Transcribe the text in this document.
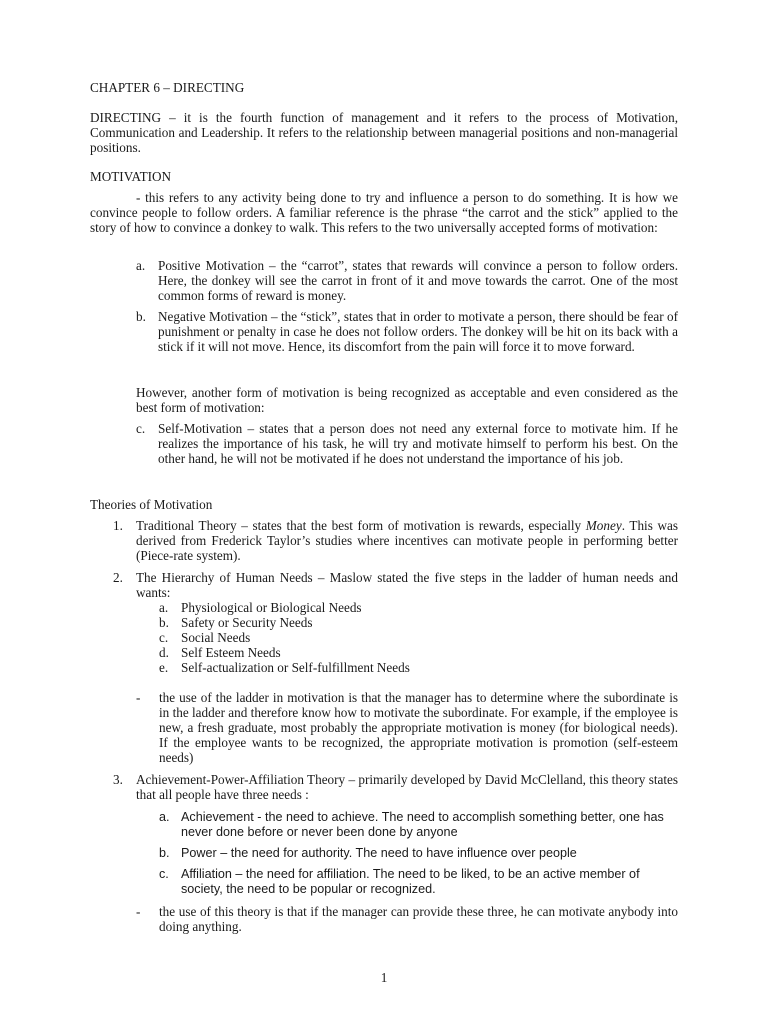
CHAPTER 6 – DIRECTING
DIRECTING – it is the fourth function of management and it refers to the process of Motivation, Communication and Leadership. It refers to the relationship between managerial positions and non-managerial positions.
MOTIVATION
- this refers to any activity being done to try and influence a person to do something. It is how we convince people to follow orders. A familiar reference is the phrase “the carrot and the stick” applied to the story of how to convince a donkey to walk. This refers to the two universally accepted forms of motivation:
a. Positive Motivation – the “carrot”, states that rewards will convince a person to follow orders. Here, the donkey will see the carrot in front of it and move towards the carrot. One of the most common forms of reward is money.
b. Negative Motivation – the “stick”, states that in order to motivate a person, there should be fear of punishment or penalty in case he does not follow orders. The donkey will be hit on its back with a stick if it will not move. Hence, its discomfort from the pain will force it to move forward.
However, another form of motivation is being recognized as acceptable and even considered as the best form of motivation:
c. Self-Motivation – states that a person does not need any external force to motivate him. If he realizes the importance of his task, he will try and motivate himself to perform his best. On the other hand, he will not be motivated if he does not understand the importance of his job.
Theories of Motivation
1. Traditional Theory – states that the best form of motivation is rewards, especially Money. This was derived from Frederick Taylor’s studies where incentives can motivate people in performing better (Piece-rate system).
2. The Hierarchy of Human Needs – Maslow stated the five steps in the ladder of human needs and wants:
a. Physiological or Biological Needs
b. Safety or Security Needs
c. Social Needs
d. Self Esteem Needs
e. Self-actualization or Self-fulfillment Needs
- the use of the ladder in motivation is that the manager has to determine where the subordinate is in the ladder and therefore know how to motivate the subordinate. For example, if the employee is new, a fresh graduate, most probably the appropriate motivation is money (for biological needs). If the employee wants to be recognized, the appropriate motivation is promotion (self-esteem needs)
3. Achievement-Power-Affiliation Theory – primarily developed by David McClelland, this theory states that all people have three needs :
a. Achievement - the need to achieve. The need to accomplish something better, one has never done before or never been done by anyone
b. Power – the need for authority. The need to have influence over people
c. Affiliation – the need for affiliation. The need to be liked, to be an active member of society, the need to be popular or recognized.
- the use of this theory is that if the manager can provide these three, he can motivate anybody into doing anything.
1
